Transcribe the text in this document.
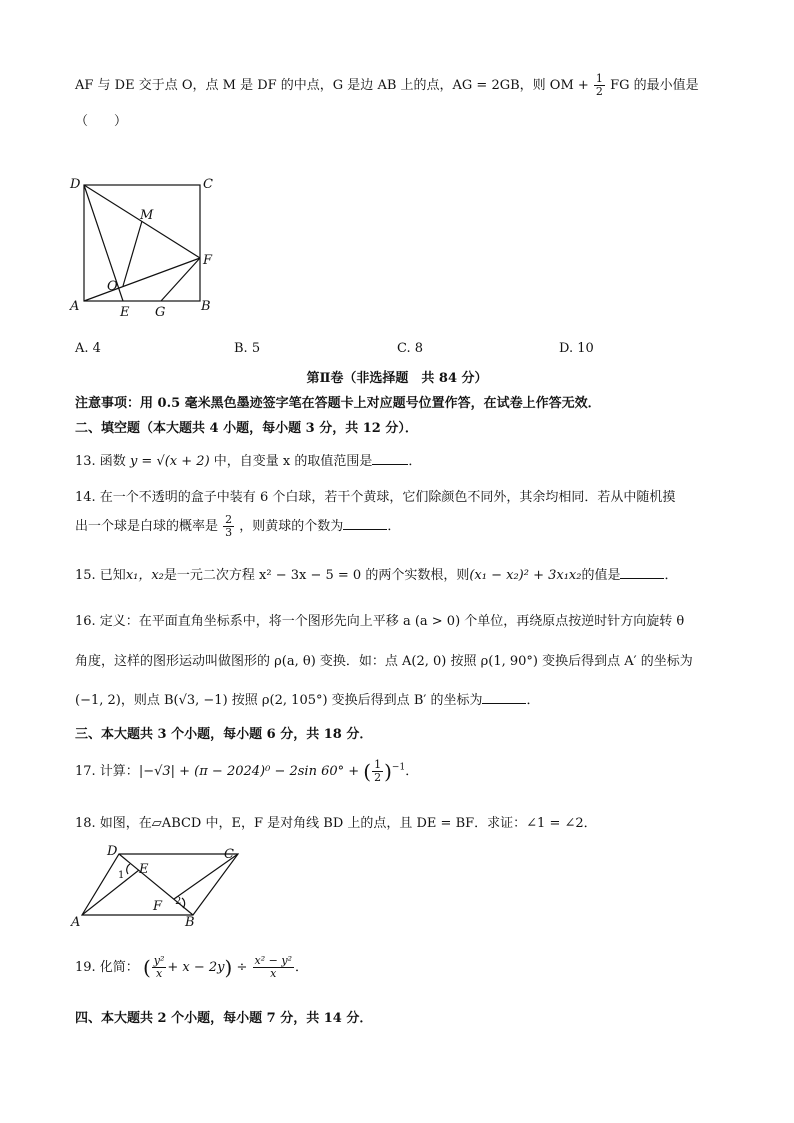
AF 与 DE 交于点 O，点 M 是 DF 的中点，G 是边 AB 上的点，AG = 2GB，则 OM + $\frac{1}{2}$ FG 的最小值是
（　　）
D	C
M
F
O
A	E G	B
A. 4	B. 5	C. 8	D. 10
第Ⅱ卷（非选择题　共 84 分）
注意事项：用 0.5 毫米黑色墨迹签字笔在答题卡上对应题号位置作答，在试卷上作答无效．
二、填空题（本大题共 4 小题，每小题 3 分，共 12 分）．
13. 函数 y = √(x + 2) 中，自变量 x 的取值范围是	．
14. 在一个不透明的盒子中装有 6 个白球，若干个黄球，它们除颜色不同外，其余均相同．若从中随机摸
出一个球是白球的概率是 $\frac{2}{3}$ ，则黄球的个数为	．
15. 已知x₁，x₂是一元二次方程 x² − 3x − 5 = 0 的两个实数根，则(x₁ − x₂)² + 3x₁x₂的值是	．
16. 定义：在平面直角坐标系中，将一个图形先向上平移 a (a > 0) 个单位，再绕原点按逆时针方向旋转 θ
角度，这样的图形运动叫做图形的 ρ(a, θ) 变换．如：点 A(2, 0) 按照 ρ(1, 90°) 变换后得到点 A′ 的坐标为
(−1, 2)，则点 B(√3, −1) 按照 ρ(2, 105°) 变换后得到点 B′ 的坐标为	．
三、本大题共 3 个小题，每小题 6 分，共 18 分．
17. 计算：|−√3| + (π − 2024)⁰ − 2sin 60° + ( $\frac{1}{2} )^{-1}$．
18. 如图，在▱ABCD 中，E，F 是对角线 BD 上的点，且 DE = BF．求证：∠1 = ∠2．
D	C
E
1
F 2
A	B
19. 化简： ( $\frac{\text{y²}}{x} + x - 2y) \div \frac{\text{x² − y²}}{x}$ ．
四、本大题共 2 个小题，每小题 7 分，共 14 分．
